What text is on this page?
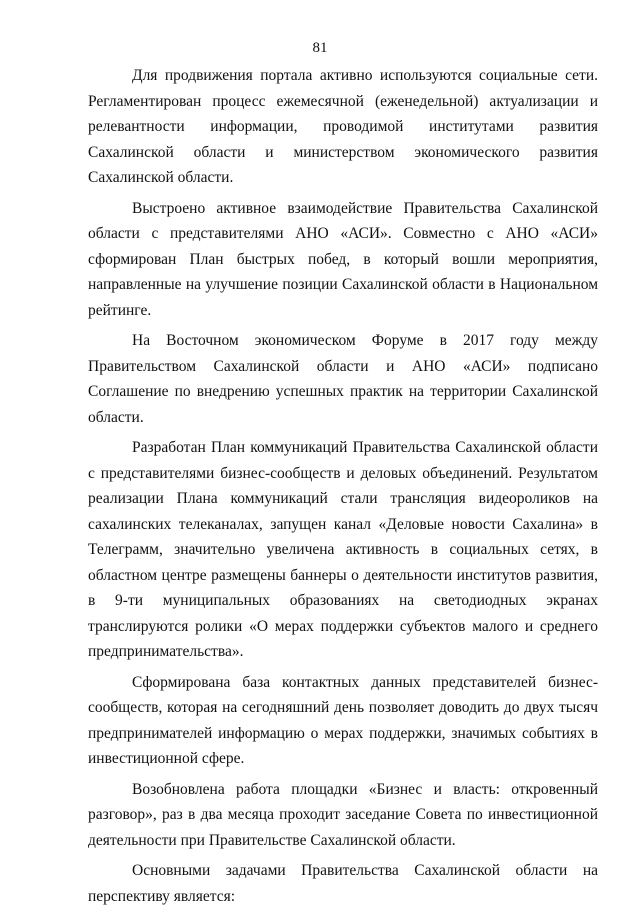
81

Для продвижения портала активно используются социальные сети. Регламентирован процесс ежемесячной (еженедельной) актуализации и релевантности информации, проводимой институтами развития Сахалинской области и министерством экономического развития Сахалинской области.

Выстроено активное взаимодействие Правительства Сахалинской области с представителями АНО «АСИ». Совместно с АНО «АСИ» сформирован План быстрых побед, в который вошли мероприятия, направленные на улучшение позиции Сахалинской области в Национальном рейтинге.

На Восточном экономическом Форуме в 2017 году между Правительством Сахалинской области и АНО «АСИ» подписано Соглашение по внедрению успешных практик на территории Сахалинской области.

Разработан План коммуникаций Правительства Сахалинской области с представителями бизнес-сообществ и деловых объединений. Результатом реализации Плана коммуникаций стали трансляция видеороликов на сахалинских телеканалах, запущен канал «Деловые новости Сахалина» в Телеграмм, значительно увеличена активность в социальных сетях, в областном центре размещены баннеры о деятельности институтов развития, в 9-ти муниципальных образованиях на светодиодных экранах транслируются ролики «О мерах поддержки субъектов малого и среднего предпринимательства».

Сформирована база контактных данных представителей бизнес-сообществ, которая на сегодняшний день позволяет доводить до двух тысяч предпринимателей информацию о мерах поддержки, значимых событиях в инвестиционной сфере.

Возобновлена работа площадки «Бизнес и власть: откровенный разговор», раз в два месяца проходит заседание Совета по инвестиционной деятельности при Правительстве Сахалинской области.

Основными задачами Правительства Сахалинской области на перспективу является:
